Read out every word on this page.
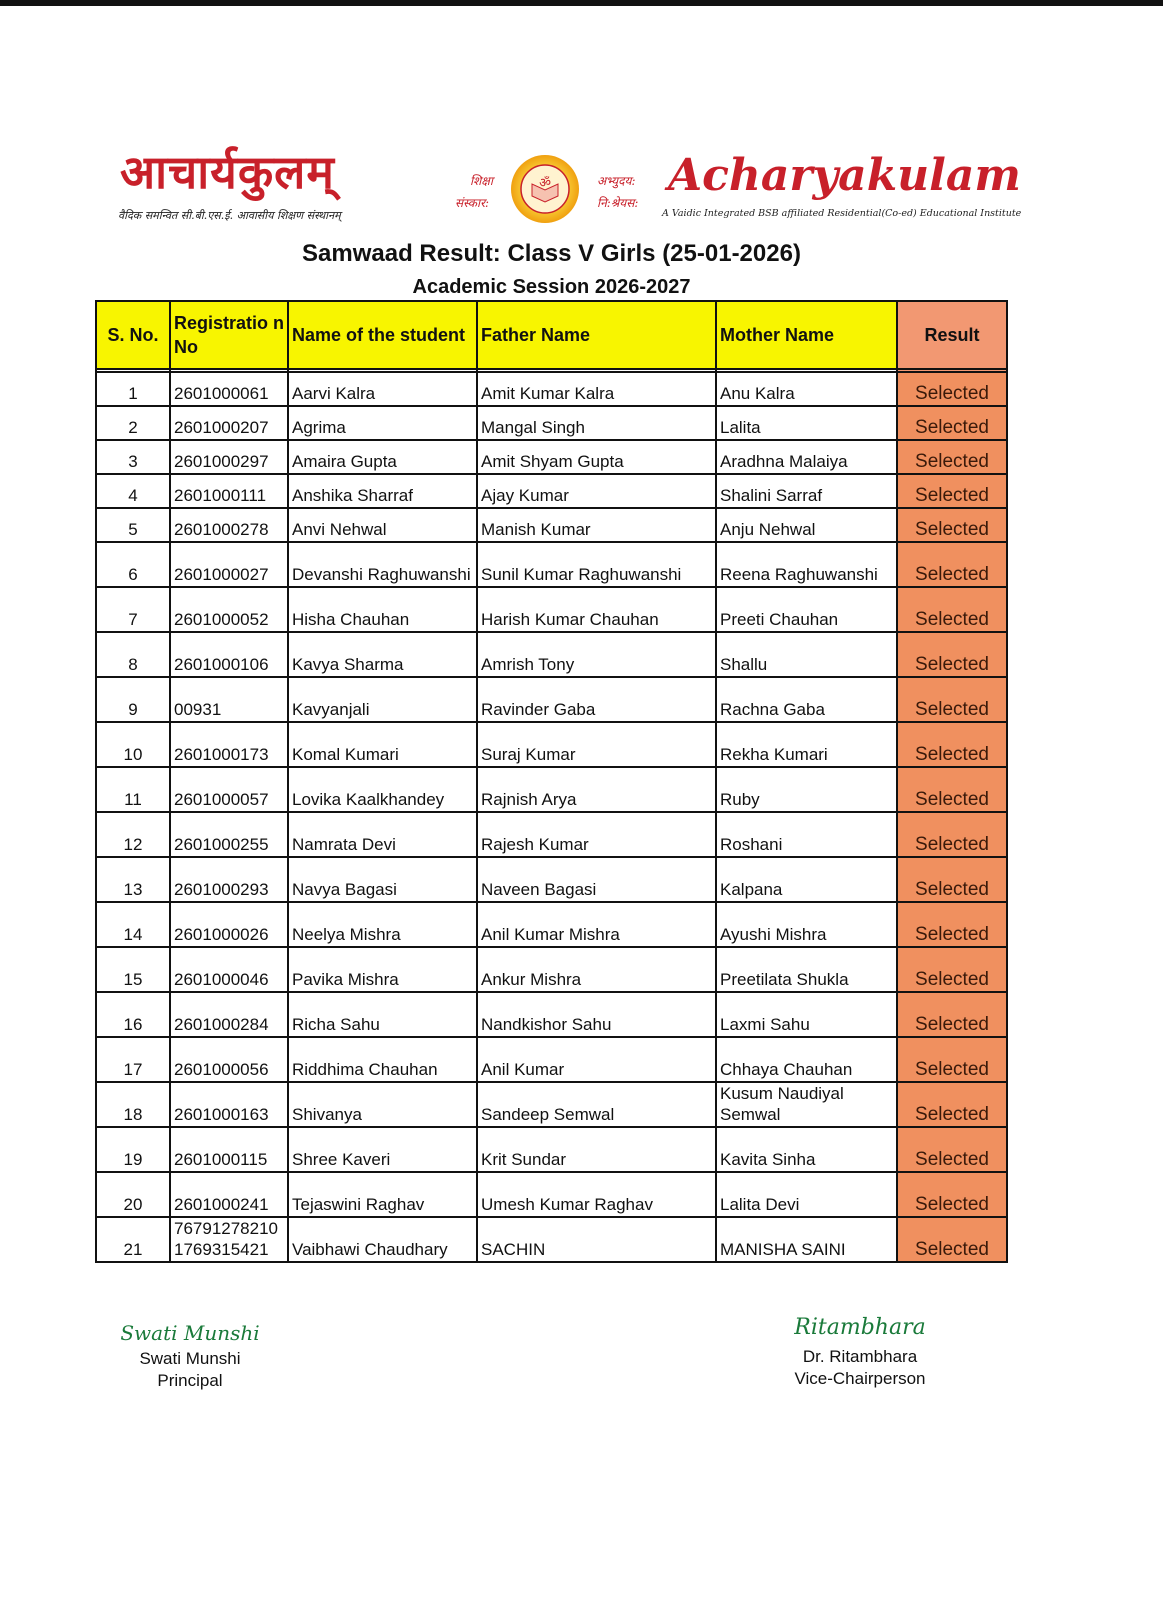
आचार्यकुलम्
वैदिक समन्वित सी.बी.एस.ई. आवासीय शिक्षण संस्थानम्
शिक्षा
संस्कार:
ॐ	अभ्युदय:
नि:श्रेयस:
Acharyakulam
A Vaidic Integrated BSB affiliated Residential(Co-ed) Educational Institute
Samwaad Result: Class V Girls (25-01-2026)
Academic Session 2026-2027
S. No.	Registratio n No	Name of the student	Father Name	Mother Name	Result

1	2601000061	Aarvi Kalra	Amit Kumar Kalra	Anu Kalra	Selected
2	2601000207	Agrima	Mangal Singh	Lalita	Selected
3	2601000297	Amaira Gupta	Amit Shyam Gupta	Aradhna Malaiya	Selected
4	2601000111	Anshika Sharraf	Ajay Kumar	Shalini Sarraf	Selected
5	2601000278	Anvi Nehwal	Manish Kumar	Anju Nehwal	Selected
6	2601000027	Devanshi Raghuwanshi	Sunil Kumar Raghuwanshi	Reena Raghuwanshi	Selected
7	2601000052	Hisha Chauhan	Harish Kumar Chauhan	Preeti Chauhan	Selected
8	2601000106	Kavya Sharma	Amrish Tony	Shallu	Selected
9	00931	Kavyanjali	Ravinder Gaba	Rachna Gaba	Selected
10	2601000173	Komal Kumari	Suraj Kumar	Rekha Kumari	Selected
11	2601000057	Lovika Kaalkhandey	Rajnish Arya	Ruby	Selected
12	2601000255	Namrata Devi	Rajesh Kumar	Roshani	Selected
13	2601000293	Navya Bagasi	Naveen Bagasi	Kalpana	Selected
14	2601000026	Neelya Mishra	Anil Kumar Mishra	Ayushi Mishra	Selected
15	2601000046	Pavika Mishra	Ankur Mishra	Preetilata Shukla	Selected
16	2601000284	Richa Sahu	Nandkishor Sahu	Laxmi Sahu	Selected
17	2601000056	Riddhima Chauhan	Anil Kumar	Chhaya Chauhan	Selected
18	2601000163	Shivanya	Sandeep Semwal	Kusum Naudiyal Semwal	Selected
19	2601000115	Shree Kaveri	Krit Sundar	Kavita Sinha	Selected
20	2601000241	Tejaswini Raghav	Umesh Kumar Raghav	Lalita Devi	Selected
21	76791278210 1769315421	Vaibhawi Chaudhary	SACHIN	MANISHA SAINI	Selected
Swati Munshi
Swati Munshi
Principal
Ritambhara
Dr. Ritambhara
Vice-Chairperson
